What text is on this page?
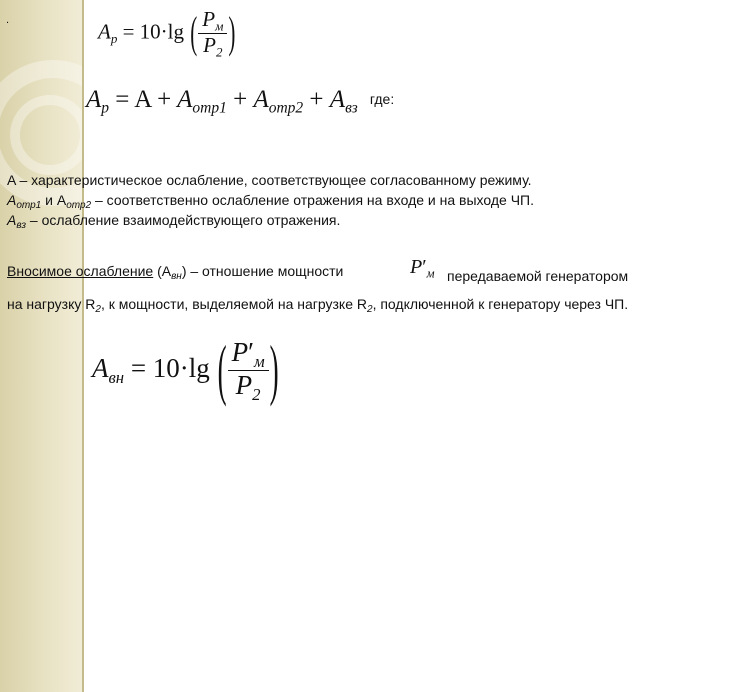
.	$A_p = 10\cdot\lg$ ( $\frac{P_м}{P_2}$ )
$A_p = A + A_{отр1} + A_{отр2} + A_{вз}$ где:
A – характеристическое ослабление, соответствующее согласованному режиму.
$A_{отр1}$ и $A_{отр2}$ – соответственно ослабление отражения на входе и на выходе ЧП.
$A_{вз}$ – ослабление взаимодействующего отражения.
Вносимое ослабление $(A_{вн})$ – отношение мощности	$P'_м$ передаваемой генератором
на нагрузку $R_2$, к мощности, выделяемой на нагрузке $R_2$, подключенной к генератору через ЧП.
$A_{вн} = 10\cdot\lg$ ( $\frac{P'_м}{P_2}$ )
